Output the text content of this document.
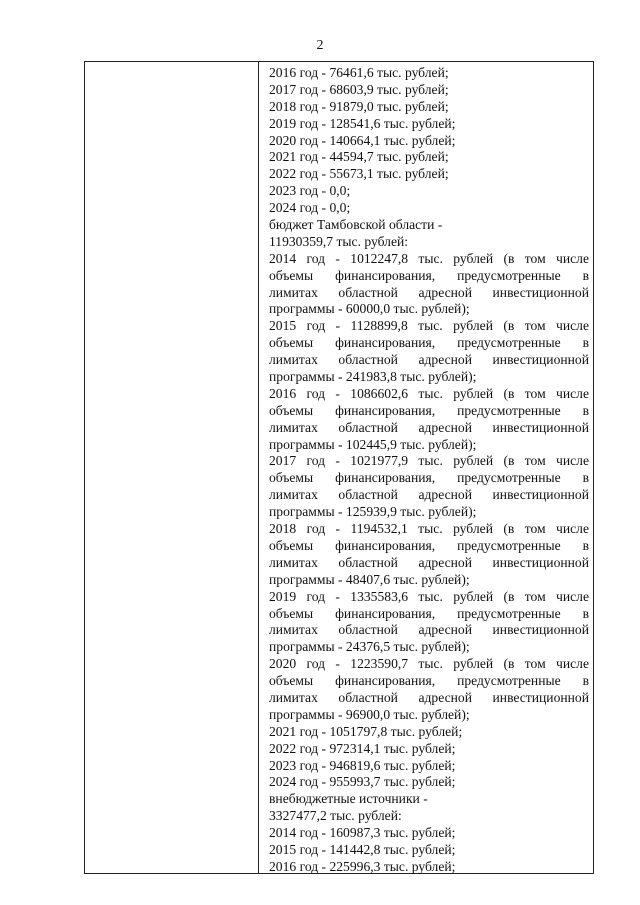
2
2016 год - 76461,6 тыс. рублей;
2017 год - 68603,9 тыс. рублей;
2018 год - 91879,0 тыс. рублей;
2019 год - 128541,6 тыс. рублей;
2020 год - 140664,1 тыс. рублей;
2021 год - 44594,7 тыс. рублей;
2022 год - 55673,1 тыс. рублей;
2023 год - 0,0;
2024 год - 0,0;
бюджет Тамбовской области -
11930359,7 тыс. рублей:
2014 год - 1012247,8 тыс. рублей (в том числе
объемы финансирования, предусмотренные в
лимитах областной адресной инвестиционной
программы - 60000,0 тыс. рублей);
2015 год - 1128899,8 тыс. рублей (в том числе
объемы финансирования, предусмотренные в
лимитах областной адресной инвестиционной
программы - 241983,8 тыс. рублей);
2016 год - 1086602,6 тыс. рублей (в том числе
объемы финансирования, предусмотренные в
лимитах областной адресной инвестиционной
программы - 102445,9 тыс. рублей);
2017 год - 1021977,9 тыс. рублей (в том числе
объемы финансирования, предусмотренные в
лимитах областной адресной инвестиционной
программы - 125939,9 тыс. рублей);
2018 год - 1194532,1 тыс. рублей (в том числе
объемы финансирования, предусмотренные в
лимитах областной адресной инвестиционной
программы - 48407,6 тыс. рублей);
2019 год - 1335583,6 тыс. рублей (в том числе
объемы финансирования, предусмотренные в
лимитах областной адресной инвестиционной
программы - 24376,5 тыс. рублей);
2020 год - 1223590,7 тыс. рублей (в том числе
объемы финансирования, предусмотренные в
лимитах областной адресной инвестиционной
программы - 96900,0 тыс. рублей);
2021 год - 1051797,8 тыс. рублей;
2022 год - 972314,1 тыс. рублей;
2023 год - 946819,6 тыс. рублей;
2024 год - 955993,7 тыс. рублей;
внебюджетные источники -
3327477,2 тыс. рублей:
2014 год - 160987,3 тыс. рублей;
2015 год - 141442,8 тыс. рублей;
2016 год - 225996,3 тыс. рублей;
